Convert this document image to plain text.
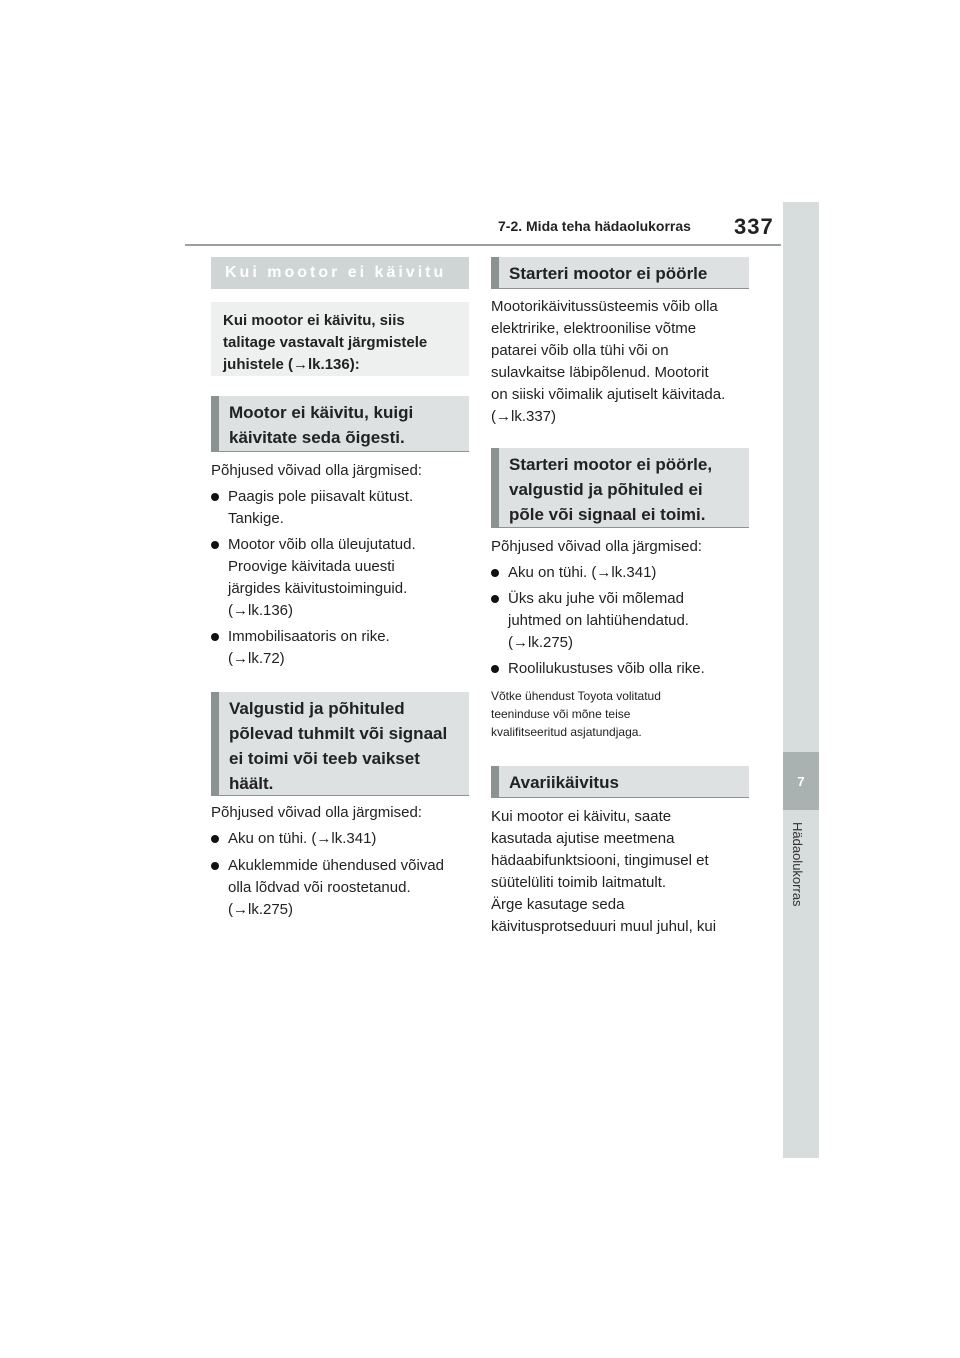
7-2. Mida teha hädaolukorras 337
7
Hädaolukorras
Kui mootor ei käivitu
Kui mootor ei käivitu, siis
talitage vastavalt järgmistele
juhistele (→lk.136):
Mootor ei käivitu, kuigi
käivitate seda õigesti.
Põhjused võivad olla järgmised:
Paagis pole piisavalt kütust.
Tankige.
Mootor võib olla üleujutatud.
Proovige käivitada uuesti
järgides käivitustoiminguid.
(→lk.136)
Immobilisaatoris on rike.
(→lk.72)
Valgustid ja põhituled
põlevad tuhmilt või signaal
ei toimi või teeb vaikset
häält.
Põhjused võivad olla järgmised:
Aku on tühi. (→lk.341)
Akuklemmide ühendused võivad
olla lõdvad või roostetanud.
(→lk.275)
Starteri mootor ei pöörle
Mootorikäivitussüsteemis võib olla
elektririke, elektroonilise võtme
patarei võib olla tühi või on
sulavkaitse läbipõlenud. Mootorit
on siiski võimalik ajutiselt käivitada.
(→lk.337)
Starteri mootor ei pöörle,
valgustid ja põhituled ei
põle või signaal ei toimi.
Põhjused võivad olla järgmised:
Aku on tühi. (→lk.341)
Üks aku juhe või mõlemad
juhtmed on lahtiühendatud.
(→lk.275)
Roolilukustuses võib olla rike.
Võtke ühendust Toyota volitatud
teeninduse või mõne teise
kvalifitseeritud asjatundjaga.
Avariikäivitus
Kui mootor ei käivitu, saate
kasutada ajutise meetmena
hädaabifunktsiooni, tingimusel et
süütelüliti toimib laitmatult.
Ärge kasutage seda
käivitusprotseduuri muul juhul, kui
